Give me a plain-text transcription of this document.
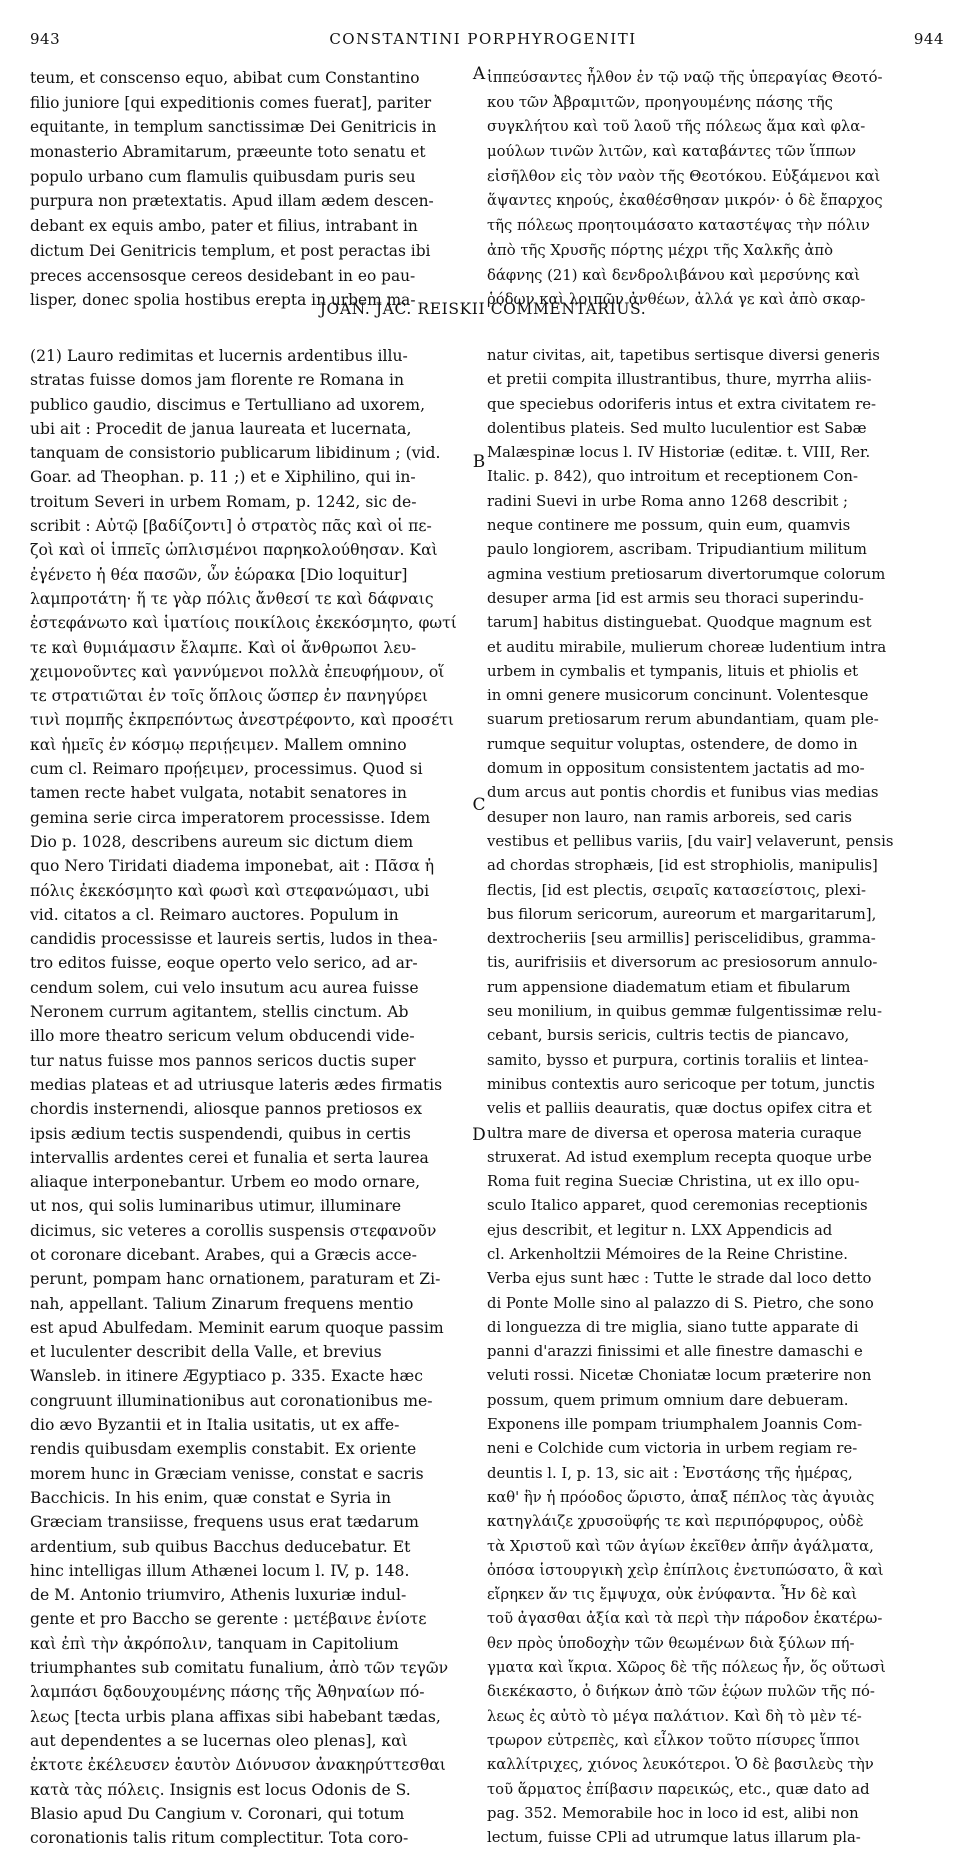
943	CONSTANTINI PORPHYROGENITI	944
teum, et conscenso equo, abibat cum Constantino
filio juniore [qui expeditionis comes fuerat], pariter
equitante, in templum sanctissimæ Dei Genitricis in
monasterio Abramitarum, præeunte toto senatu et
populo urbano cum flamulis quibusdam puris seu
purpura non prætextatis. Apud illam ædem descen-
debant ex equis ambo, pater et filius, intrabant in
dictum Dei Genitricis templum, et post peractas ibi
preces accensosque cereos desidebant in eo pau-
lisper, donec spolia hostibus erepta in urbem ma-
ἱππεύσαντες ἦλθον ἐν τῷ ναῷ τῆς ὑπεραγίας Θεοτό-
κου τῶν Ἀβραμιτῶν, προηγουμένης πάσης τῆς
συγκλήτου καὶ τοῦ λαοῦ τῆς πόλεως ἅμα καὶ φλα-
μούλων τινῶν λιτῶν, καὶ καταβάντες τῶν ἵππων
εἰσῆλθον εἰς τὸν ναὸν τῆς Θεοτόκου. Εὐξάμενοι καὶ
ἅψαντες κηρούς, ἐκαθέσθησαν μικρόν· ὁ δὲ ἔπαρχος
τῆς πόλεως προητοιμάσατο καταστέψας τὴν πόλιν
ἀπὸ τῆς Χρυσῆς πόρτης μέχρι τῆς Χαλκῆς ἀπὸ
δάφνης (21) καὶ δενδρολιβάνου καὶ μερσύνης καὶ
ῥόδων καὶ λοιπῶν ἀνθέων, ἀλλά γε καὶ ἀπὸ σκαρ-
JOAN. JAC. REISKII COMMENTARIUS.
(21) Lauro redimitas et lucernis ardentibus illu-
stratas fuisse domos jam florente re Romana in
publico gaudio, discimus e Tertulliano ad uxorem,
ubi ait : Procedit de janua laureata et lucernata,
tanquam de consistorio publicarum libidinum ; (vid.
Goar. ad Theophan. p. 11 ;) et e Xiphilino, qui in-
troitum Severi in urbem Romam, p. 1242, sic de-
scribit : Αὐτῷ [βαδίζοντι] ὁ στρατὸς πᾶς καὶ οἱ πε-
ζοὶ καὶ οἱ ἱππεῖς ὡπλισμένοι παρηκολούθησαν. Καὶ
ἐγένετο ἡ θέα πασῶν, ὧν ἑώρακα [Dio loquitur]
λαμπροτάτη· ἥ τε γὰρ πόλις ἄνθεσί τε καὶ δάφναις
ἐστεφάνωτο καὶ ἱματίοις ποικίλοις ἐκεκόσμητο, φωτί
τε καὶ θυμιάμασιν ἔλαμπε. Καὶ οἱ ἄνθρωποι λευ-
χειμονοῦντες καὶ γαννύμενοι πολλὰ ἐπευφήμουν, οἵ
τε στρατιῶται ἐν τοῖς ὅπλοις ὥσπερ ἐν πανηγύρει
τινὶ πομπῆς ἐκπρεπόντως ἀνεστρέφοντο, καὶ προσέτι
καὶ ἡμεῖς ἐν κόσμῳ περιῄειμεν. Mallem omnino
cum cl. Reimaro προῄειμεν, processimus. Quod si
tamen recte habet vulgata, notabit senatores in
gemina serie circa imperatorem processisse. Idem
Dio p. 1028, describens aureum sic dictum diem
quo Nero Tiridati diadema imponebat, ait : Πᾶσα ἡ
πόλις ἐκεκόσμητο καὶ φωσὶ καὶ στεφανώμασι, ubi
vid. citatos a cl. Reimaro auctores. Populum in
candidis processisse et laureis sertis, ludos in thea-
tro editos fuisse, eoque operto velo serico, ad ar-
cendum solem, cui velo insutum acu aurea fuisse
Neronem currum agitantem, stellis cinctum. Ab
illo more theatro sericum velum obducendi vide-
tur natus fuisse mos pannos sericos ductis super
medias plateas et ad utriusque lateris ædes firmatis
chordis insternendi, aliosque pannos pretiosos ex
ipsis ædium tectis suspendendi, quibus in certis
intervallis ardentes cerei et funalia et serta laurea
aliaque interponebantur. Urbem eo modo ornare,
ut nos, qui solis luminaribus utimur, illuminare
dicimus, sic veteres a corollis suspensis στεφανοῦν
ot coronare dicebant. Arabes, qui a Græcis acce-
perunt, pompam hanc ornationem, paraturam et Zi-
nah, appellant. Talium Zinarum frequens mentio
est apud Abulfedam. Meminit earum quoque passim
et luculenter describit della Valle, et brevius
Wansleb. in itinere Ægyptiaco p. 335. Exacte hæc
congruunt illuminationibus aut coronationibus me-
dio ævo Byzantii et in Italia usitatis, ut ex affe-
rendis quibusdam exemplis constabit. Ex oriente
morem hunc in Græciam venisse, constat e sacris
Bacchicis. In his enim, quæ constat e Syria in
Græciam transiisse, frequens usus erat tædarum
ardentium, sub quibus Bacchus deducebatur. Et
hinc intelligas illum Athænei locum l. IV, p. 148.
de M. Antonio triumviro, Athenis luxuriæ indul-
gente et pro Baccho se gerente : μετέβαινε ἐνίοτε
καὶ ἐπὶ τὴν ἀκρόπολιν, tanquam in Capitolium
triumphantes sub comitatu funalium, ἀπὸ τῶν τεγῶν
λαμπάσι δᾳδουχουμένης πάσης τῆς Ἀθηναίων πό-
λεως [tecta urbis plana affixas sibi habebant tædas,
aut dependentes a se lucernas oleo plenas], καὶ
ἐκτοτε ἐκέλευσεν ἑαυτὸν Διόνυσον ἀνακηρύττεσθαι
κατὰ τὰς πόλεις. Insignis est locus Odonis de S.
Blasio apud Du Cangium v. Coronari, qui totum
coronationis talis ritum complectitur. Tota coro-
natur civitas, ait, tapetibus sertisque diversi generis
et pretii compita illustrantibus, thure, myrrha aliis-
que speciebus odoriferis intus et extra civitatem re-
dolentibus plateis. Sed multo luculentior est Sabæ
Malæspinæ locus l. IV Historiæ (editæ. t. VIII, Rer.
Italic. p. 842), quo introitum et receptionem Con-
radini Suevi in urbe Roma anno 1268 describit ;
neque continere me possum, quin eum, quamvis
paulo longiorem, ascribam. Tripudiantium militum
agmina vestium pretiosarum divertorumque colorum
desuper arma [id est armis seu thoraci superindu-
tarum] habitus distinguebat. Quodque magnum est
et auditu mirabile, mulierum choreæ ludentium intra
urbem in cymbalis et tympanis, lituis et phiolis et
in omni genere musicorum concinunt. Volentesque
suarum pretiosarum rerum abundantiam, quam ple-
rumque sequitur voluptas, ostendere, de domo in
domum in oppositum consistentem jactatis ad mo-
dum arcus aut pontis chordis et funibus vias medias
desuper non lauro, nan ramis arboreis, sed caris
vestibus et pellibus variis, [du vair] velaverunt, pensis
ad chordas strophæis, [id est strophiolis, manipulis]
flectis, [id est plectis, σειραῖς κατασείστοις, plexi-
bus filorum sericorum, aureorum et margaritarum],
dextrocheriis [seu armillis] periscelidibus, gramma-
tis, aurifrisiis et diversorum ac presiosorum annulo-
rum appensione diadematum etiam et fibularum
seu monilium, in quibus gemmæ fulgentissimæ relu-
cebant, bursis sericis, cultris tectis de piancavo,
samito, bysso et purpura, cortinis toraliis et lintea-
minibus contextis auro sericoque per totum, junctis
velis et palliis deauratis, quæ doctus opifex citra et
ultra mare de diversa et operosa materia curaque
struxerat. Ad istud exemplum recepta quoque urbe
Roma fuit regina Sueciæ Christina, ut ex illo opu-
sculo Italico apparet, quod ceremonias receptionis
ejus describit, et legitur n. LXX Appendicis ad
cl. Arkenholtzii Mémoires de la Reine Christine.
Verba ejus sunt hæc : Tutte le strade dal loco detto
di Ponte Molle sino al palazzo di S. Pietro, che sono
di longuezza di tre miglia, siano tutte apparate di
panni d'arazzi finissimi et alle finestre damaschi e
veluti rossi. Nicetæ Choniatæ locum præterire non
possum, quem primum omnium dare debueram.
Exponens ille pompam triumphalem Joannis Com-
neni e Colchide cum victoria in urbem regiam re-
deuntis l. I, p. 13, sic ait : Ἐνστάσης τῆς ἡμέρας,
καθ' ἣν ἡ πρόοδος ὥριστο, ἁπαξ πέπλος τὰς ἀγυιὰς
κατηγλάιζε χρυσοϋφής τε καὶ περιπόρφυρος, οὐδὲ
τὰ Χριστοῦ καὶ τῶν ἁγίων ἐκεῖθεν ἀπῆν ἀγάλματα,
ὁπόσα ἱστουργικὴ χεὶρ ἐπίπλοις ἐνετυπώσατο, ἃ καὶ
εἴρηκεν ἄν τις ἔμψυχα, οὐκ ἐνύφαντα. Ἦν δὲ καὶ
τοῦ ἀγασθαι ἀξία καὶ τὰ περὶ τὴν πάροδον ἑκατέρω-
θεν πρὸς ὑποδοχὴν τῶν θεωμένων διὰ ξύλων πή-
γματα καὶ ἴκρια. Χῶρος δὲ τῆς πόλεως ἦν, ὅς οὕτωσὶ
διεκέκαστο, ὁ διήκων ἀπὸ τῶν ἑῴων πυλῶν τῆς πό-
λεως ἐς αὐτὸ τὸ μέγα παλάτιον. Καὶ δὴ τὸ μὲν τέ-
τρωρον εὐτρεπὲς, καὶ εἷλκον τοῦτο πίσυρες ἵπποι
καλλίτριχες, χιόνος λευκότεροι. Ὁ δὲ βασιλεὺς τὴν
τοῦ ἅρματος ἐπίβασιν παρεικώς, etc., quæ dato ad
pag. 352. Memorabile hoc in loco id est, alibi non
lectum, fuisse CPli ad utrumque latus illarum pla-
A
B
C
D
